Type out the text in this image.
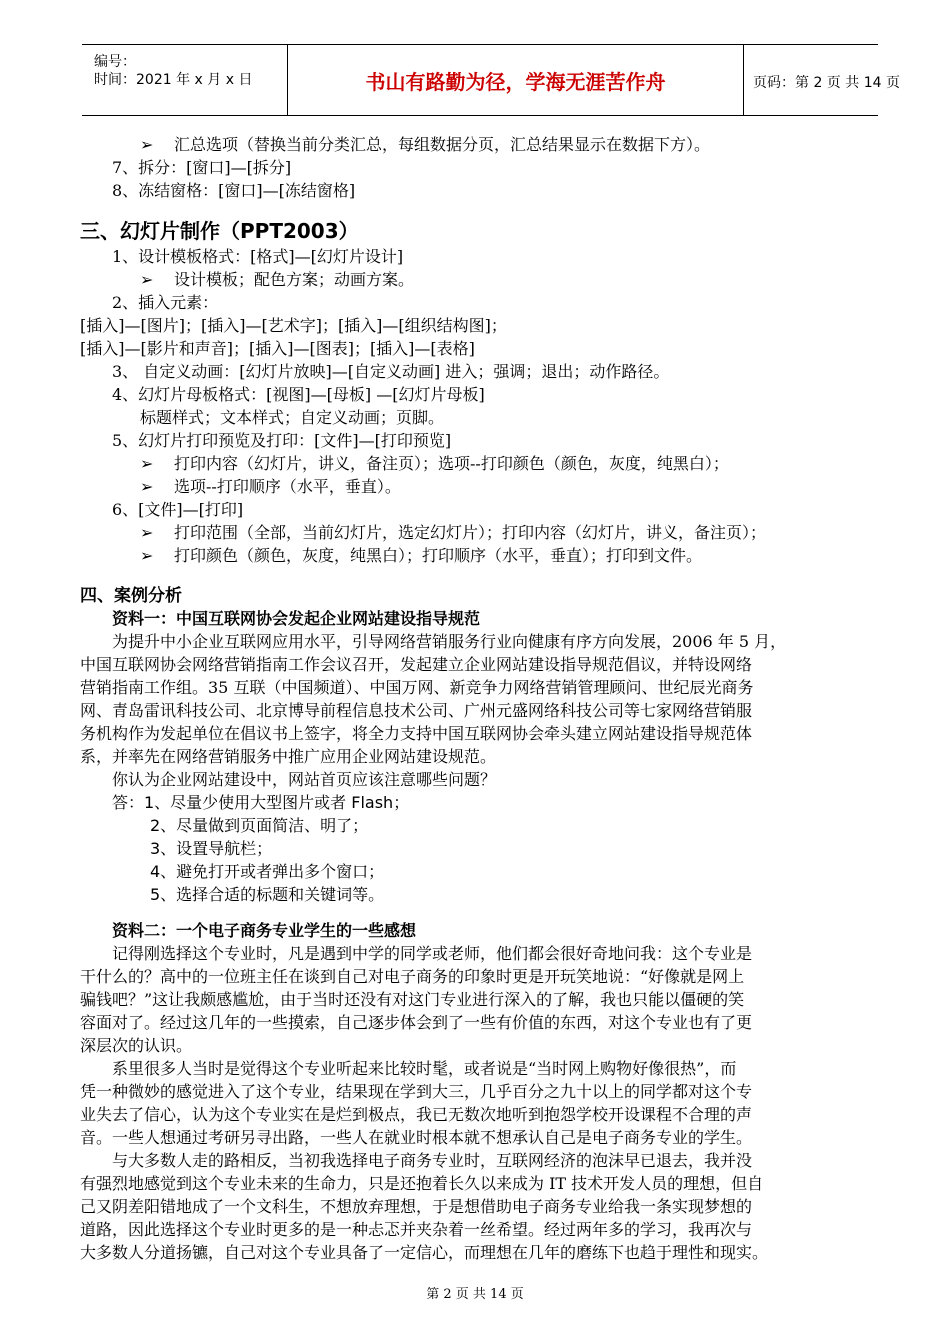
编号：
时间：2021 年 x 月 x 日	书山有路勤为径，学海无涯苦作舟	页码：第 2 页 共 14 页
➢ 汇总选项（替换当前分类汇总，每组数据分页，汇总结果显示在数据下方）。
7、拆分：[窗口]—[拆分]
8、冻结窗格：[窗口]—[冻结窗格]
三、幻灯片制作（PPT2003）
1、设计模板格式：[格式]—[幻灯片设计]
➢ 设计模板；配色方案；动画方案。
2、插入元素：
[插入]—[图片]；[插入]—[艺术字]；[插入]—[组织结构图]；
[插入]—[影片和声音]；[插入]—[图表]；[插入]—[表格]
3、 自定义动画：[幻灯片放映]—[自定义动画] 进入；强调；退出；动作路径。
4、幻灯片母板格式：[视图]—[母板] —[幻灯片母板]
标题样式；文本样式；自定义动画；页脚。
5、幻灯片打印预览及打印：[文件]—[打印预览]
➢ 打印内容（幻灯片，讲义，备注页）；选项--打印颜色（颜色，灰度，纯黑白）；
➢ 选项--打印顺序（水平，垂直）。
6、[文件]—[打印]
➢ 打印范围（全部，当前幻灯片，选定幻灯片）；打印内容（幻灯片，讲义，备注页）；
➢ 打印颜色（颜色，灰度，纯黑白）；打印顺序（水平，垂直）；打印到文件。
四、案例分析
资料一：中国互联网协会发起企业网站建设指导规范
为提升中小企业互联网应用水平，引导网络营销服务行业向健康有序方向发展，2006 年 5 月，
中国互联网协会网络营销指南工作会议召开，发起建立企业网站建设指导规范倡议，并特设网络
营销指南工作组。35 互联（中国频道）、中国万网、新竞争力网络营销管理顾问、世纪辰光商务
网、青岛雷讯科技公司、北京博导前程信息技术公司、广州元盛网络科技公司等七家网络营销服
务机构作为发起单位在倡议书上签字，将全力支持中国互联网协会牵头建立网站建设指导规范体
系，并率先在网络营销服务中推广应用企业网站建设规范。
你认为企业网站建设中，网站首页应该注意哪些问题？
答：1、尽量少使用大型图片或者 Flash；
2、尽量做到页面简洁、明了；
3、设置导航栏；
4、避免打开或者弹出多个窗口；
5、选择合适的标题和关键词等。
资料二：一个电子商务专业学生的一些感想
记得刚选择这个专业时，凡是遇到中学的同学或老师，他们都会很好奇地问我：这个专业是
干什么的？高中的一位班主任在谈到自己对电子商务的印象时更是开玩笑地说：“好像就是网上
骗钱吧？”这让我颇感尴尬，由于当时还没有对这门专业进行深入的了解，我也只能以僵硬的笑
容面对了。经过这几年的一些摸索，自己逐步体会到了一些有价值的东西，对这个专业也有了更
深层次的认识。
系里很多人当时是觉得这个专业听起来比较时髦，或者说是“当时网上购物好像很热”，而
凭一种微妙的感觉进入了这个专业，结果现在学到大三，几乎百分之九十以上的同学都对这个专
业失去了信心，认为这个专业实在是烂到极点，我已无数次地听到抱怨学校开设课程不合理的声
音。一些人想通过考研另寻出路，一些人在就业时根本就不想承认自己是电子商务专业的学生。
与大多数人走的路相反，当初我选择电子商务专业时，互联网经济的泡沫早已退去，我并没
有强烈地感觉到这个专业未来的生命力，只是还抱着长久以来成为 IT 技术开发人员的理想，但自
己又阴差阳错地成了一个文科生，不想放弃理想，于是想借助电子商务专业给我一条实现梦想的
道路，因此选择这个专业时更多的是一种忐忑并夹杂着一丝希望。经过两年多的学习，我再次与
大多数人分道扬镳，自己对这个专业具备了一定信心，而理想在几年的磨练下也趋于理性和现实。
第 2 页 共 14 页
